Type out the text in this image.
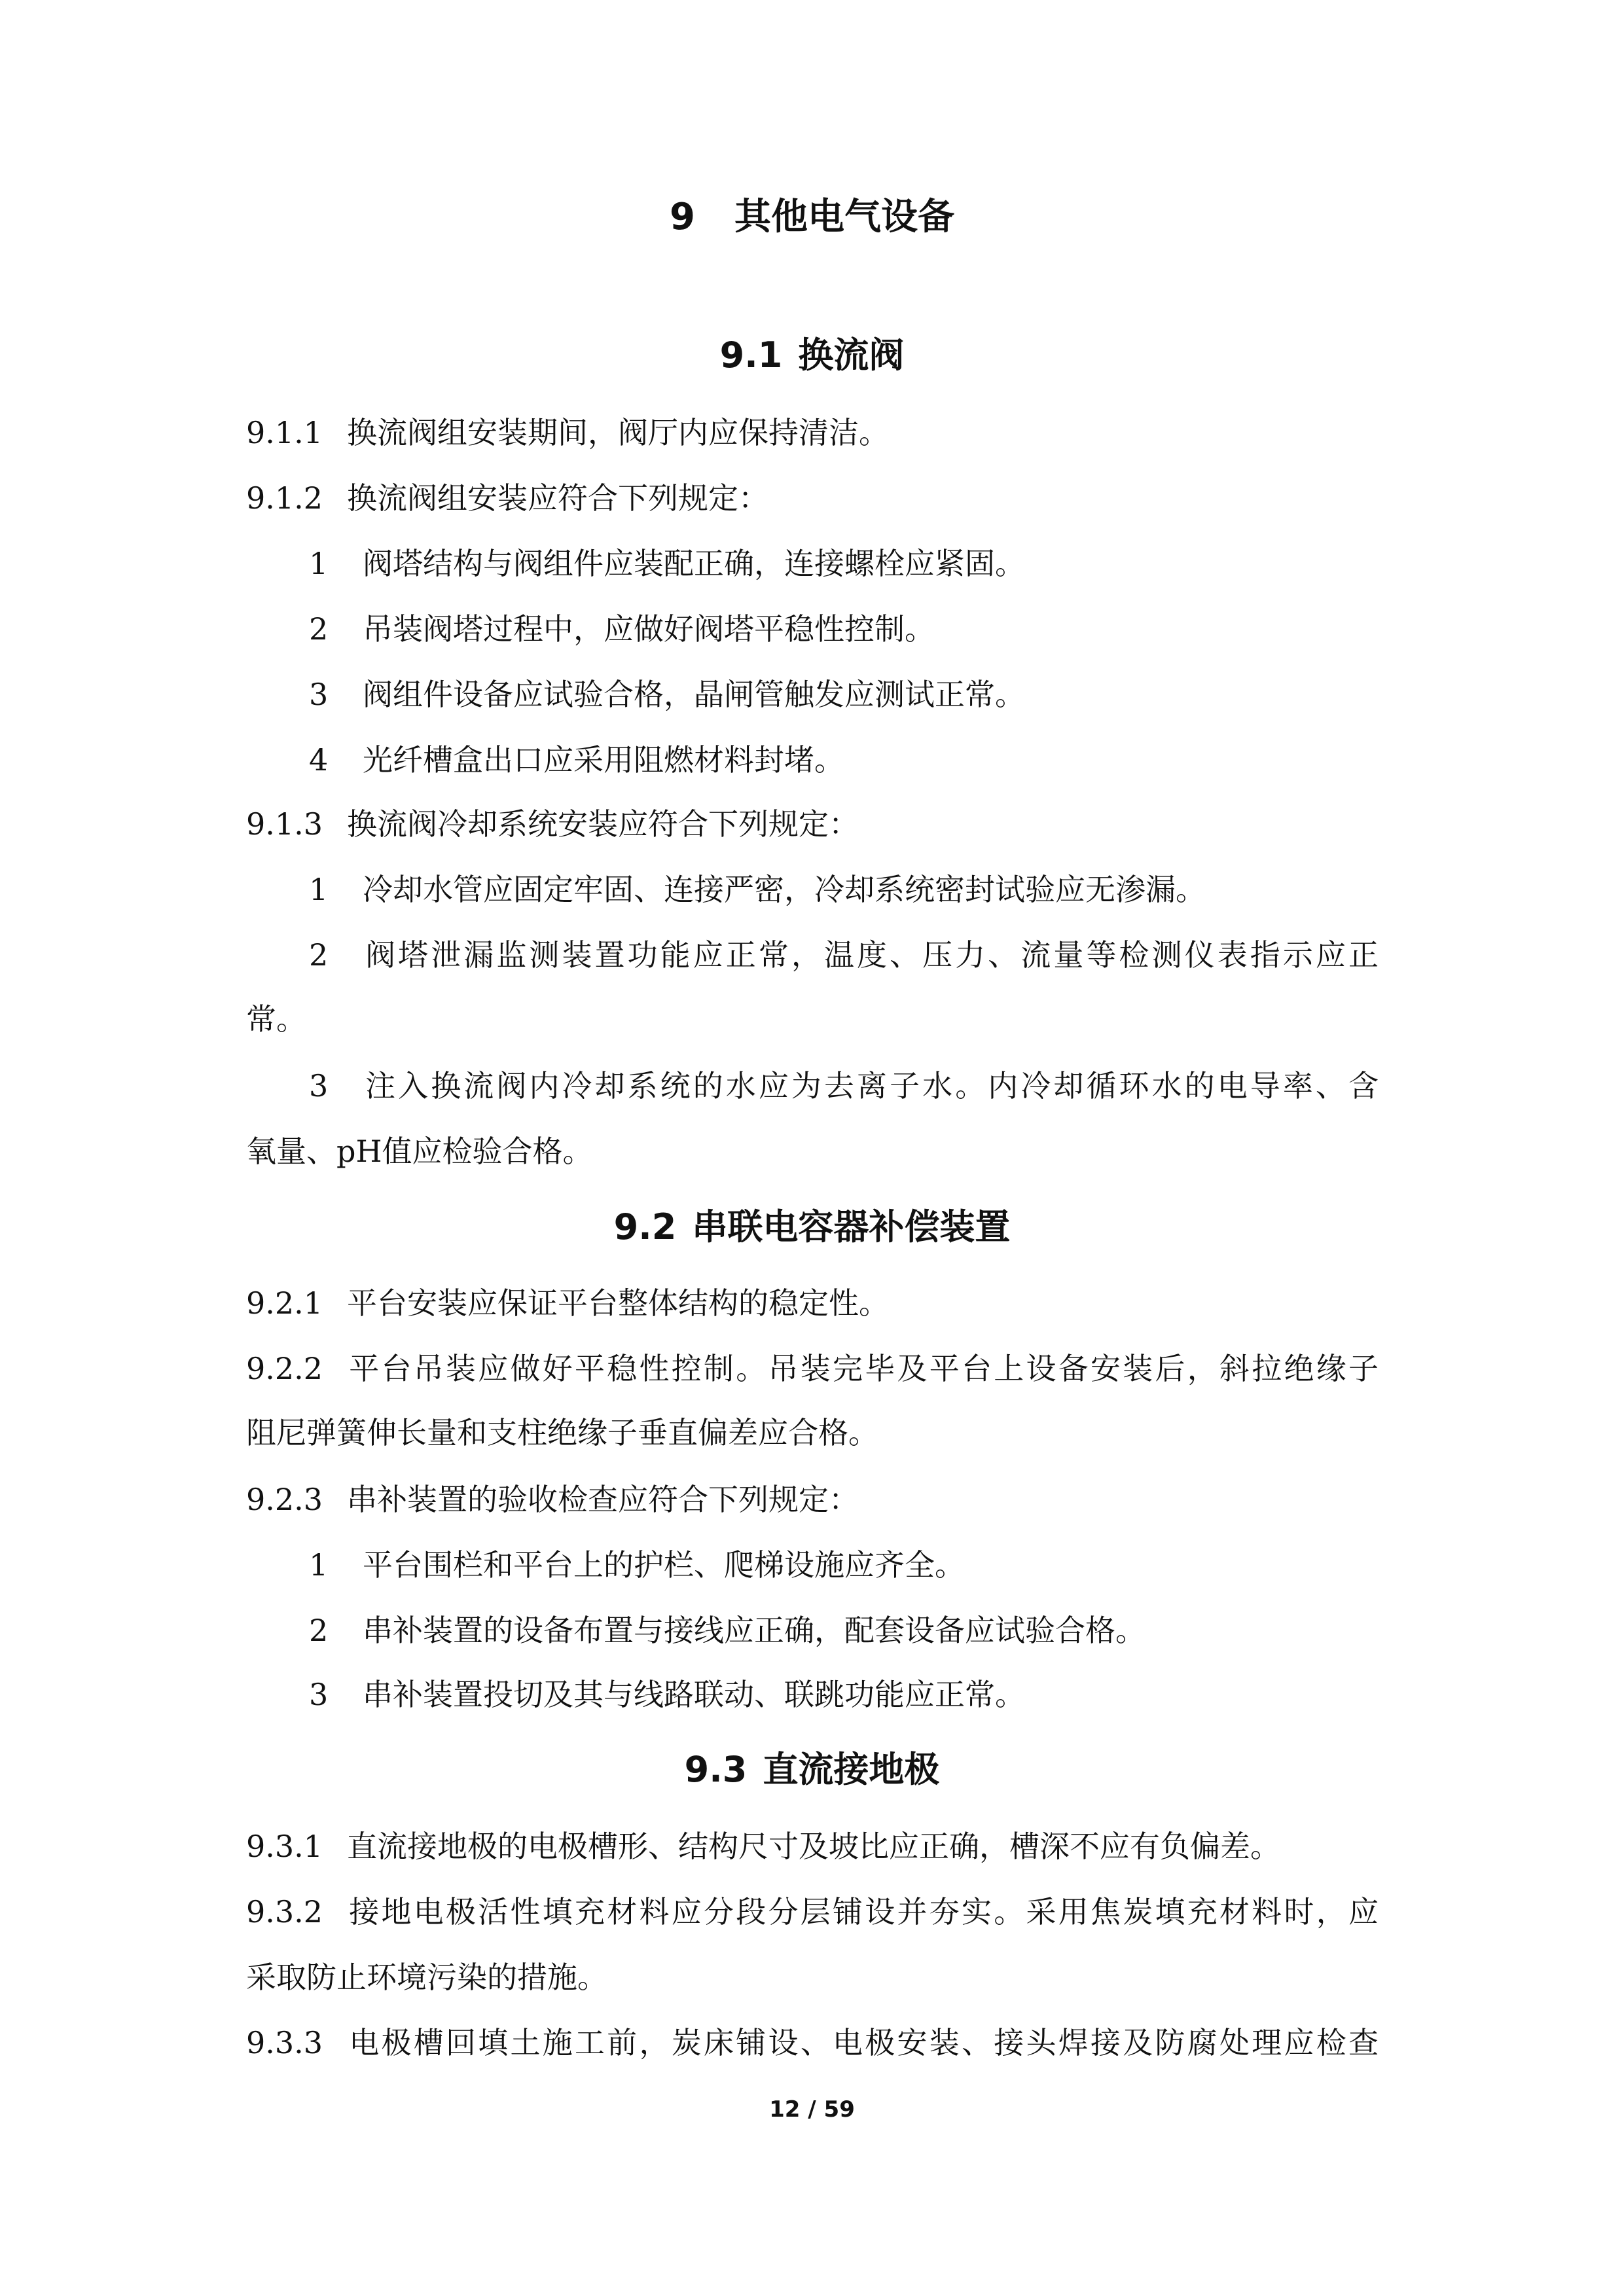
9 其他电气设备
9.1 换流阀
9.1.1 换流阀组安装期间，阀厅内应保持清洁。
9.1.2 换流阀组安装应符合下列规定：
1 阀塔结构与阀组件应装配正确，连接螺栓应紧固。
2 吊装阀塔过程中，应做好阀塔平稳性控制。
3 阀组件设备应试验合格，晶闸管触发应测试正常。
4 光纤槽盒出口应采用阻燃材料封堵。
9.1.3 换流阀冷却系统安装应符合下列规定：
1 冷却水管应固定牢固、连接严密，冷却系统密封试验应无渗漏。
2 阀塔泄漏监测装置功能应正常，温度、压力、流量等检测仪表指示应正
常。
3 注入换流阀内冷却系统的水应为去离子水。内冷却循环水的电导率、含
氧量、pH值应检验合格。
9.2 串联电容器补偿装置
9.2.1 平台安装应保证平台整体结构的稳定性。
9.2.2 平台吊装应做好平稳性控制。吊装完毕及平台上设备安装后，斜拉绝缘子
阻尼弹簧伸长量和支柱绝缘子垂直偏差应合格。
9.2.3 串补装置的验收检查应符合下列规定：
1 平台围栏和平台上的护栏、爬梯设施应齐全。
2 串补装置的设备布置与接线应正确，配套设备应试验合格。
3 串补装置投切及其与线路联动、联跳功能应正常。
9.3 直流接地极
9.3.1 直流接地极的电极槽形、结构尺寸及坡比应正确，槽深不应有负偏差。
9.3.2 接地电极活性填充材料应分段分层铺设并夯实。采用焦炭填充材料时，应
采取防止环境污染的措施。
9.3.3 电极槽回填土施工前，炭床铺设、电极安装、接头焊接及防腐处理应检查
12 / 59
